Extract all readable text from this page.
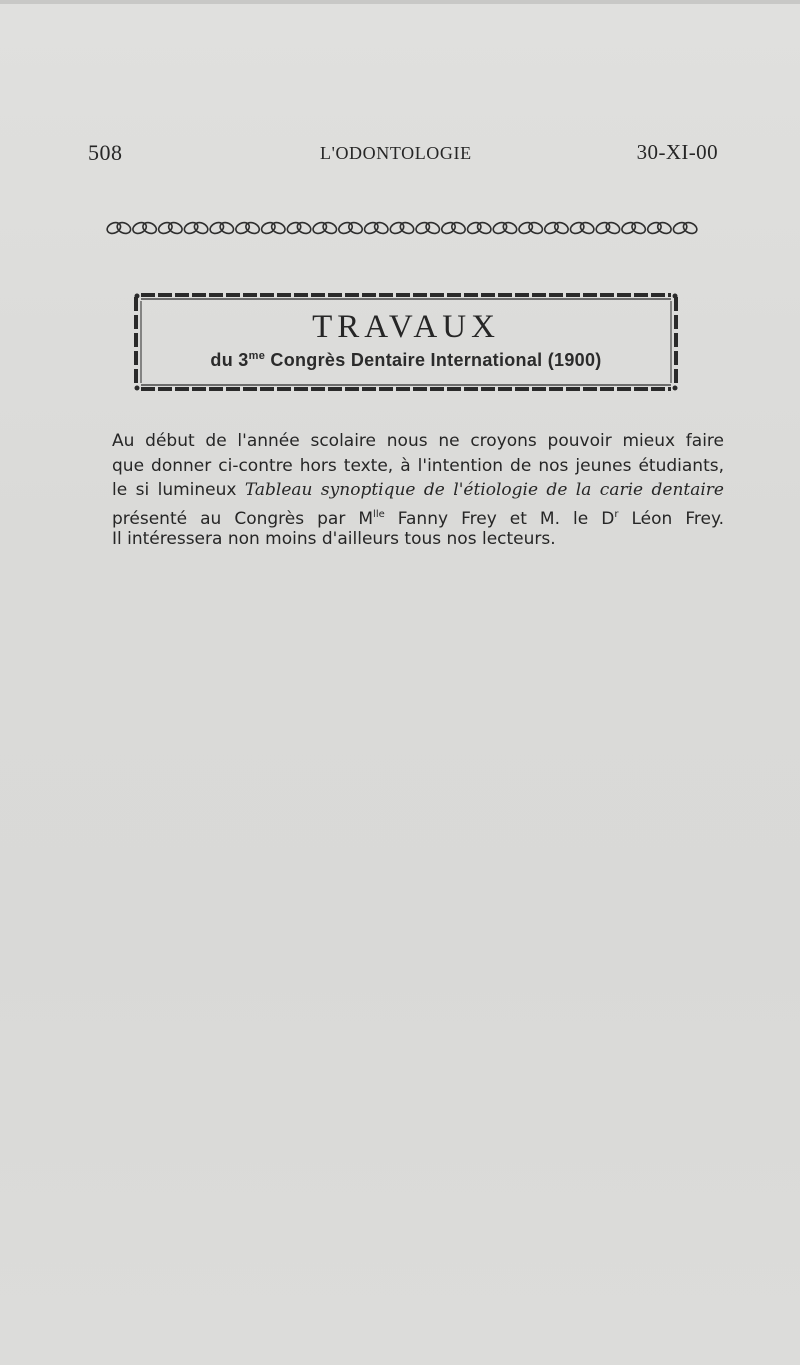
508	L'ODONTOLOGIE	30-XI-00
TRAVAUX
du $3^{me}$ Congrès Dentaire International (1900)
Au début de l'année scolaire nous ne croyons pouvoir mieux faire
que donner ci-contre hors texte, à l'intention de nos jeunes étudiants,
le si lumineux Tableau synoptique de l'étiologie de la carie dentaire
présenté au Congrès par $M^{lle}$ Fanny Frey et M. le $D^r$ Léon Frey.
Il intéressera non moins d'ailleurs tous nos lecteurs.
